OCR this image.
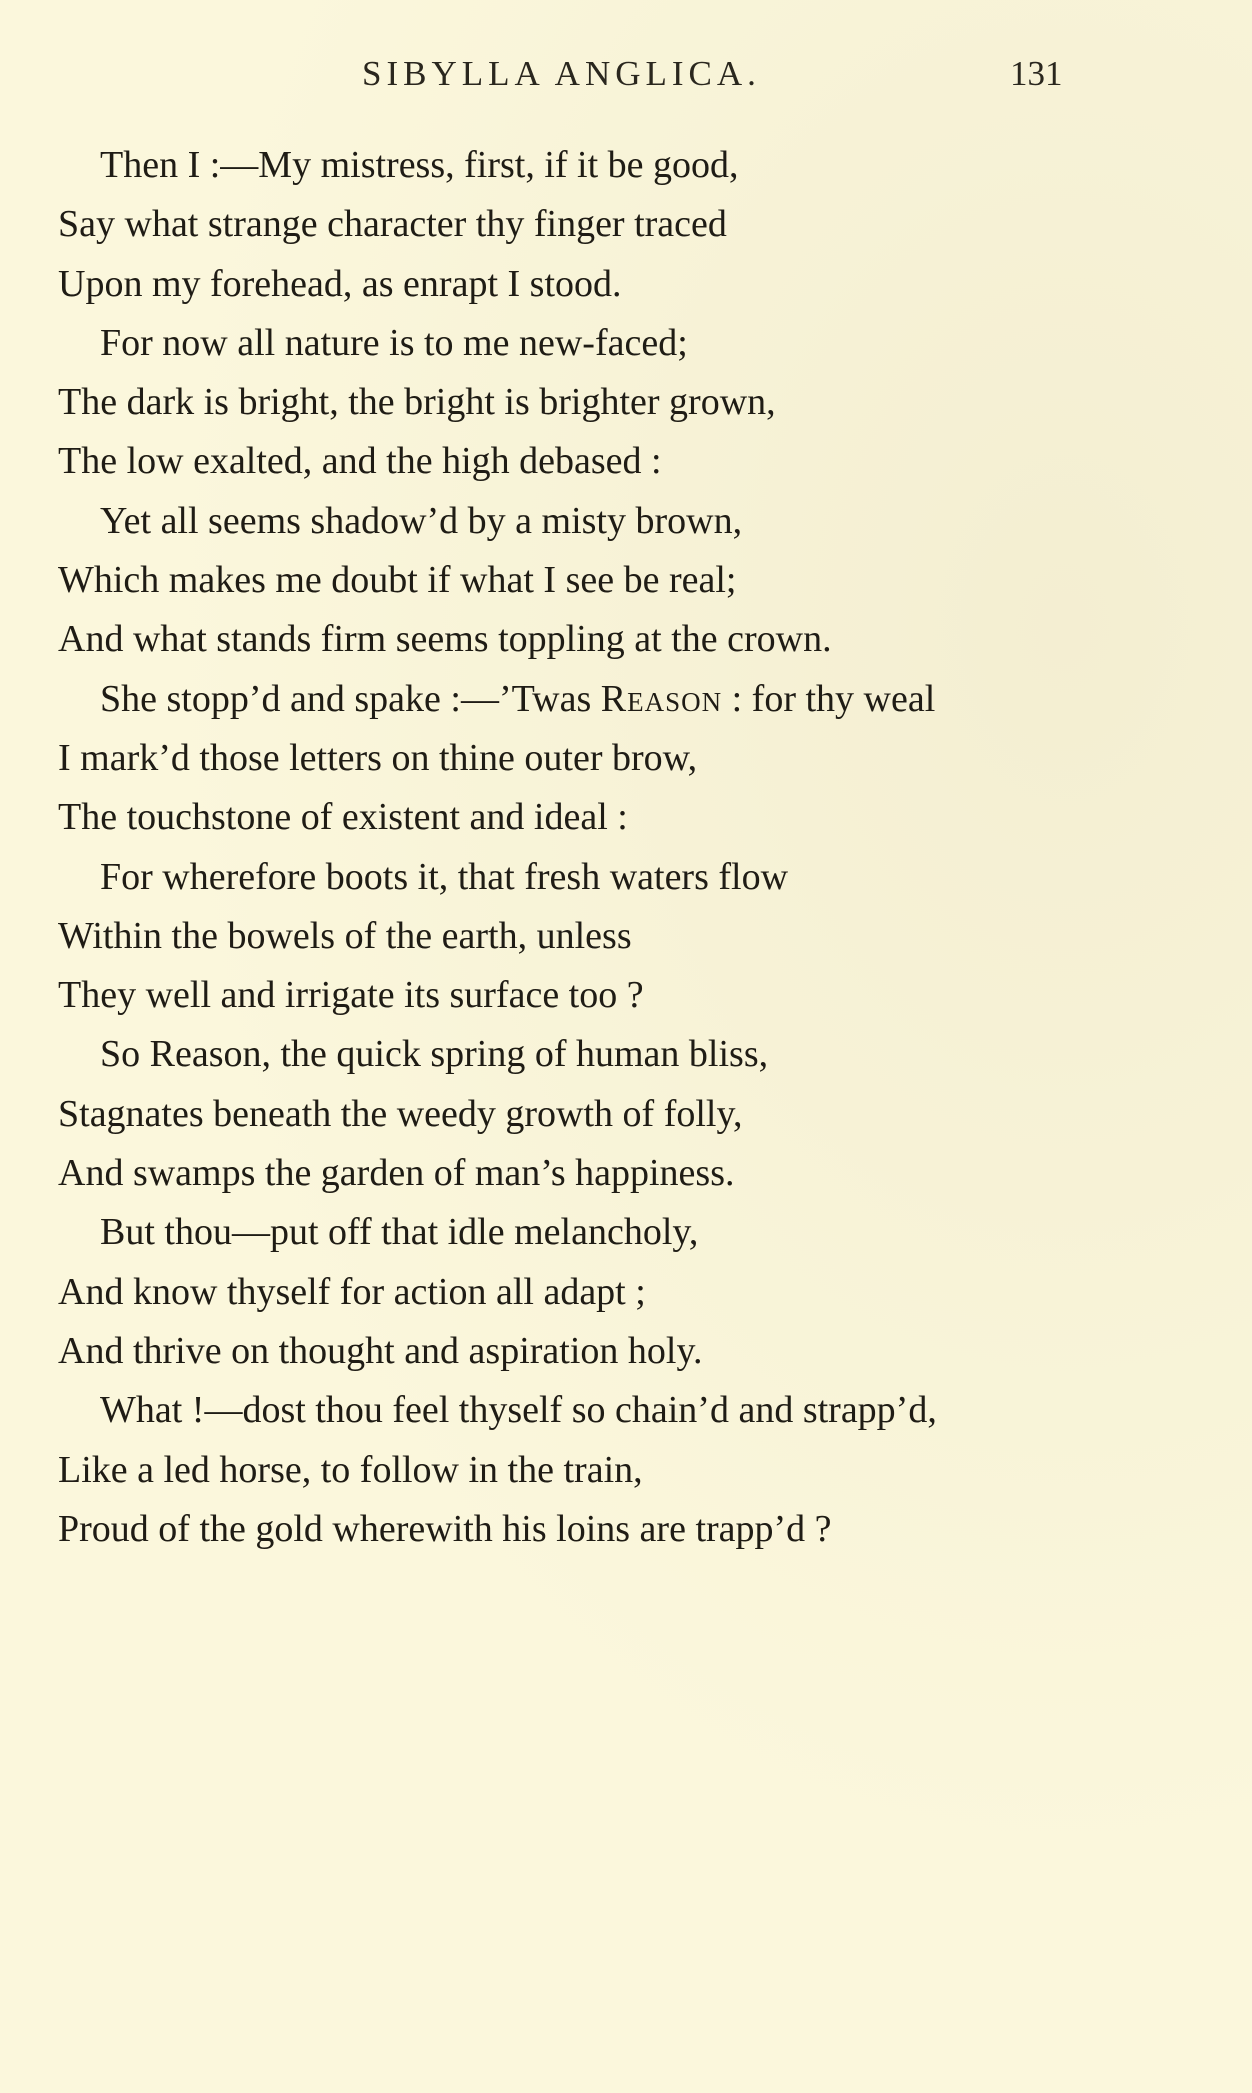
SIBYLLA ANGLICA.	131
Then I :—My mistress, first, if it be good,
Say what strange character thy finger traced
Upon my forehead, as enrapt I stood.
For now all nature is to me new-faced;
The dark is bright, the bright is brighter grown,
The low exalted, and the high debased :
Yet all seems shadow’d by a misty brown,
Which makes me doubt if what I see be real;
And what stands firm seems toppling at the crown.
She stopp’d and spake :—’Twas Reason : for thy weal
I mark’d those letters on thine outer brow,
The touchstone of existent and ideal :
For wherefore boots it, that fresh waters flow
Within the bowels of the earth, unless
They well and irrigate its surface too ?
So Reason, the quick spring of human bliss,
Stagnates beneath the weedy growth of folly,
And swamps the garden of man’s happiness.
But thou—put off that idle melancholy,
And know thyself for action all adapt ;
And thrive on thought and aspiration holy.
What !—dost thou feel thyself so chain’d and strapp’d,
Like a led horse, to follow in the train,
Proud of the gold wherewith his loins are trapp’d ?
